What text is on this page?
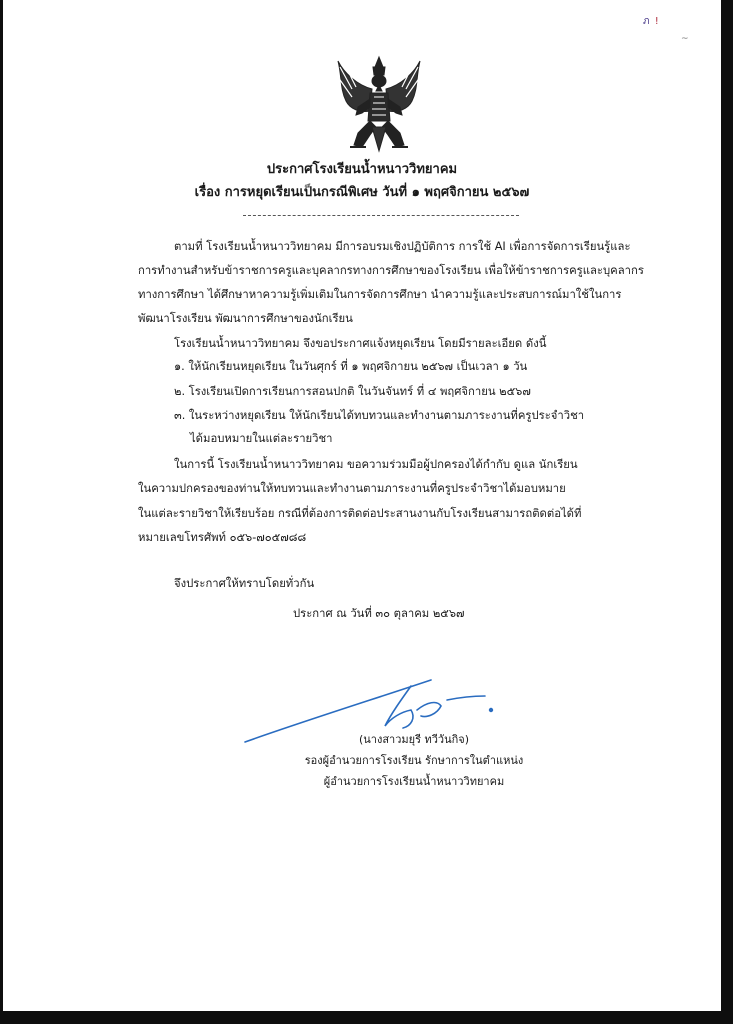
ภ !
~
ประกาศโรงเรียนน้ำหนาววิทยาคม
เรื่อง การหยุดเรียนเป็นกรณีพิเศษ วันที่ ๑ พฤศจิกายน ๒๕๖๗
ตามที่ โรงเรียนน้ำหนาววิทยาคม มีการอบรมเชิงปฏิบัติการ การใช้ AI เพื่อการจัดการเรียนรู้และ
การทำงานสำหรับข้าราชการครูและบุคลากรทางการศึกษาของโรงเรียน เพื่อให้ข้าราชการครูและบุคลากร
ทางการศึกษา ได้ศึกษาหาความรู้เพิ่มเติมในการจัดการศึกษา นำความรู้และประสบการณ์มาใช้ในการ
พัฒนาโรงเรียน พัฒนาการศึกษาของนักเรียน
โรงเรียนน้ำหนาววิทยาคม จึงขอประกาศแจ้งหยุดเรียน โดยมีรายละเอียด ดังนี้
๑. ให้นักเรียนหยุดเรียน ในวันศุกร์ ที่ ๑ พฤศจิกายน ๒๕๖๗ เป็นเวลา ๑ วัน
๒. โรงเรียนเปิดการเรียนการสอนปกติ ในวันจันทร์ ที่ ๔ พฤศจิกายน ๒๕๖๗
๓. ในระหว่างหยุดเรียน ให้นักเรียนได้ทบทวนและทำงานตามภาระงานที่ครูประจำวิชา
ได้มอบหมายในแต่ละรายวิชา
ในการนี้ โรงเรียนน้ำหนาววิทยาคม ขอความร่วมมือผู้ปกครองได้กำกับ ดูแล นักเรียน
ในความปกครองของท่านให้ทบทวนและทำงานตามภาระงานที่ครูประจำวิชาได้มอบหมาย
ในแต่ละรายวิชาให้เรียบร้อย กรณีที่ต้องการติดต่อประสานงานกับโรงเรียนสามารถติดต่อได้ที่
หมายเลขโทรศัพท์ ๐๕๖-๗๐๕๗๘๘
จึงประกาศให้ทราบโดยทั่วกัน
ประกาศ ณ วันที่ ๓๐ ตุลาคม ๒๕๖๗
(นางสาวมยุรี ทวีวันกิจ)
รองผู้อำนวยการโรงเรียน รักษาการในตำแหน่ง
ผู้อำนวยการโรงเรียนน้ำหนาววิทยาคม
